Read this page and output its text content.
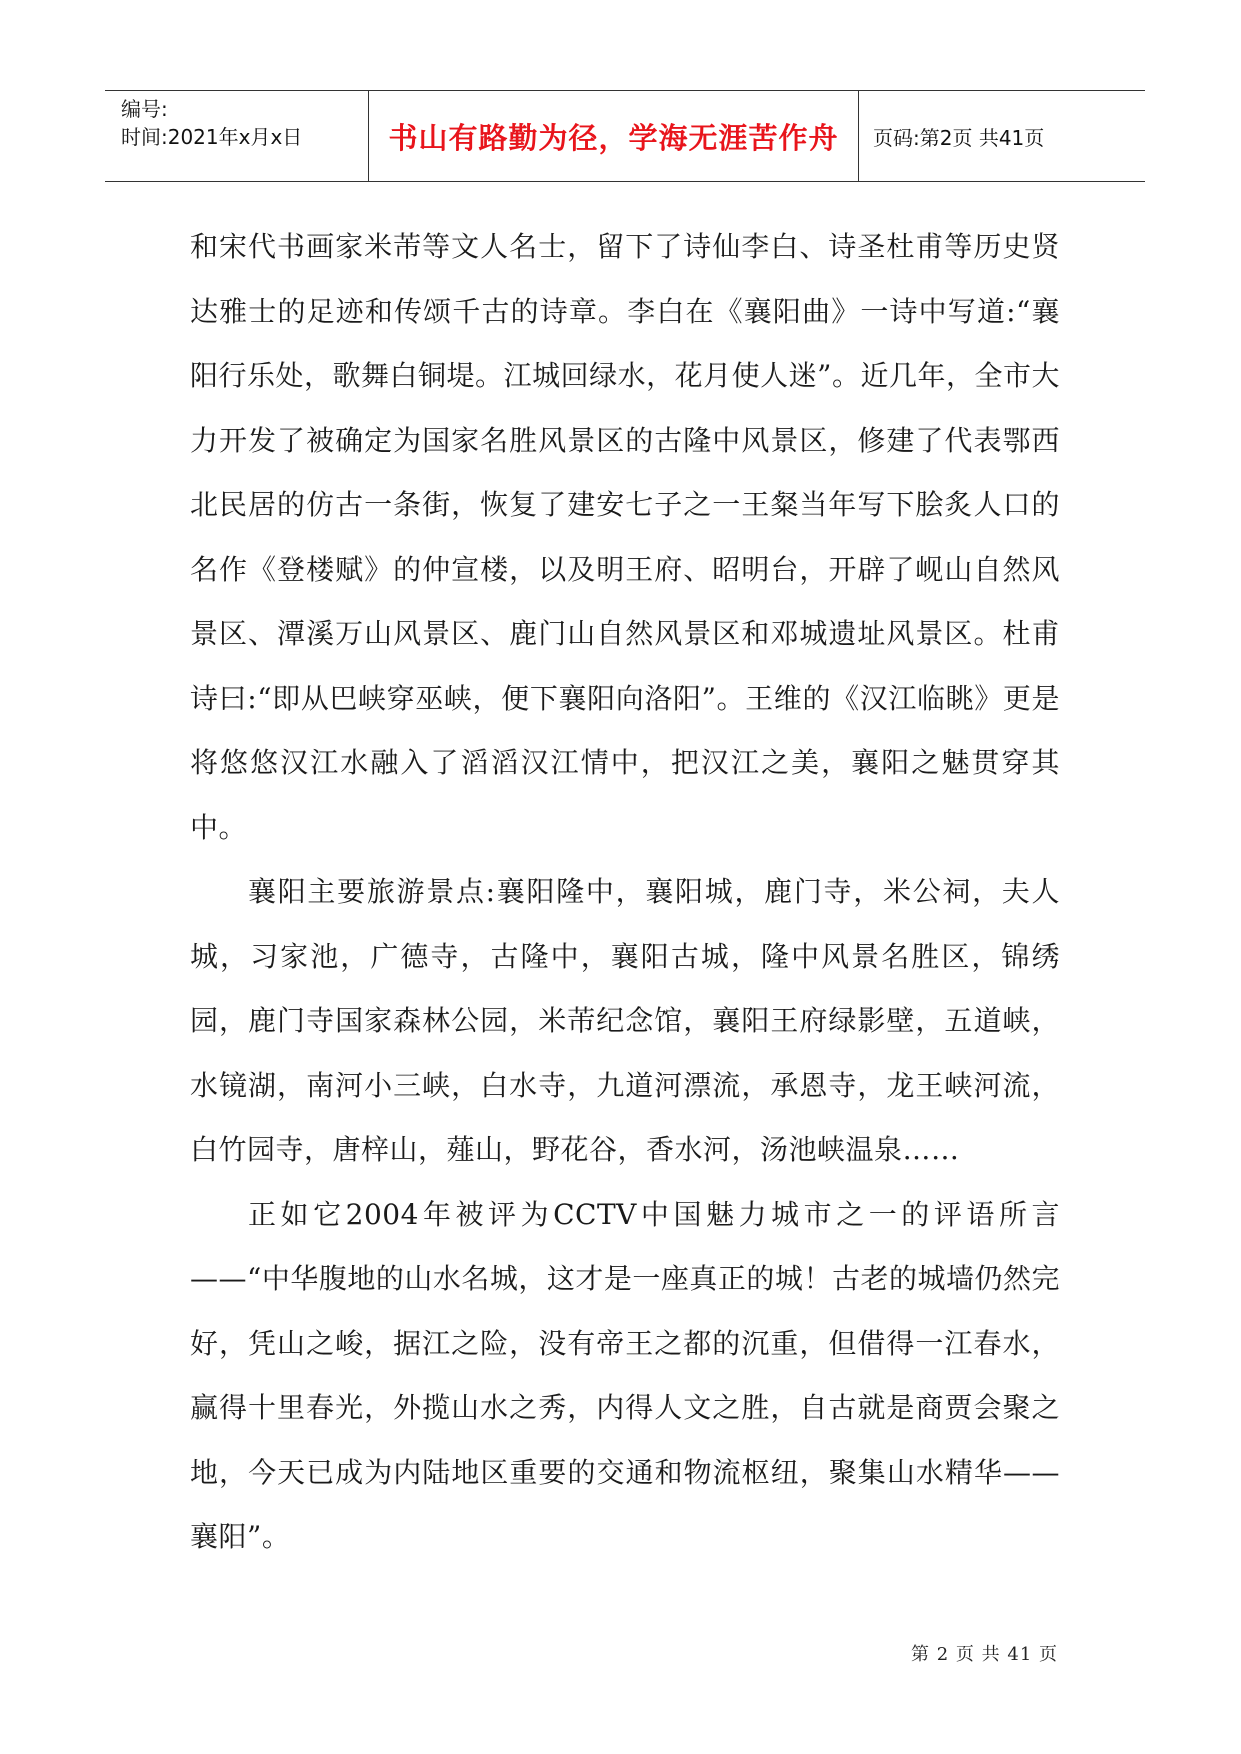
编号:
时间:2021年x月x日	书山有路勤为径，学海无涯苦作舟	页码:第2页 共41页

和宋代书画家米芾等文人名士，留下了诗仙李白、诗圣杜甫等历史贤达雅士的足迹和传颂千古的诗章。李白在《襄阳曲》一诗中写道:“襄阳行乐处，歌舞白铜堤。江城回绿水，花月使人迷”。近几年，全市大力开发了被确定为国家名胜风景区的古隆中风景区，修建了代表鄂西北民居的仿古一条街，恢复了建安七子之一王粲当年写下脍炙人口的名作《登楼赋》的仲宣楼，以及明王府、昭明台，开辟了岘山自然风景区、潭溪万山风景区、鹿门山自然风景区和邓城遗址风景区。杜甫诗曰:“即从巴峡穿巫峡，便下襄阳向洛阳”。王维的《汉江临眺》更是将悠悠汉江水融入了滔滔汉江情中，把汉江之美，襄阳之魅贯穿其中。

襄阳主要旅游景点:襄阳隆中，襄阳城，鹿门寺，米公祠，夫人城，习家池，广德寺，古隆中，襄阳古城，隆中风景名胜区，锦绣园，鹿门寺国家森林公园，米芾纪念馆，襄阳王府绿影壁，五道峡，水镜湖，南河小三峡，白水寺，九道河漂流，承恩寺，龙王峡河流，白竹园寺，唐梓山，薤山，野花谷，香水河，汤池峡温泉……

正如它2004年被评为CCTV中国魅力城市之一的评语所言——“中华腹地的山水名城，这才是一座真正的城！古老的城墙仍然完好，凭山之峻，据江之险，没有帝王之都的沉重，但借得一江春水，赢得十里春光，外揽山水之秀，内得人文之胜，自古就是商贾会聚之地，今天已成为内陆地区重要的交通和物流枢纽，聚集山水精华——襄阳”。

第 2 页 共 41 页
